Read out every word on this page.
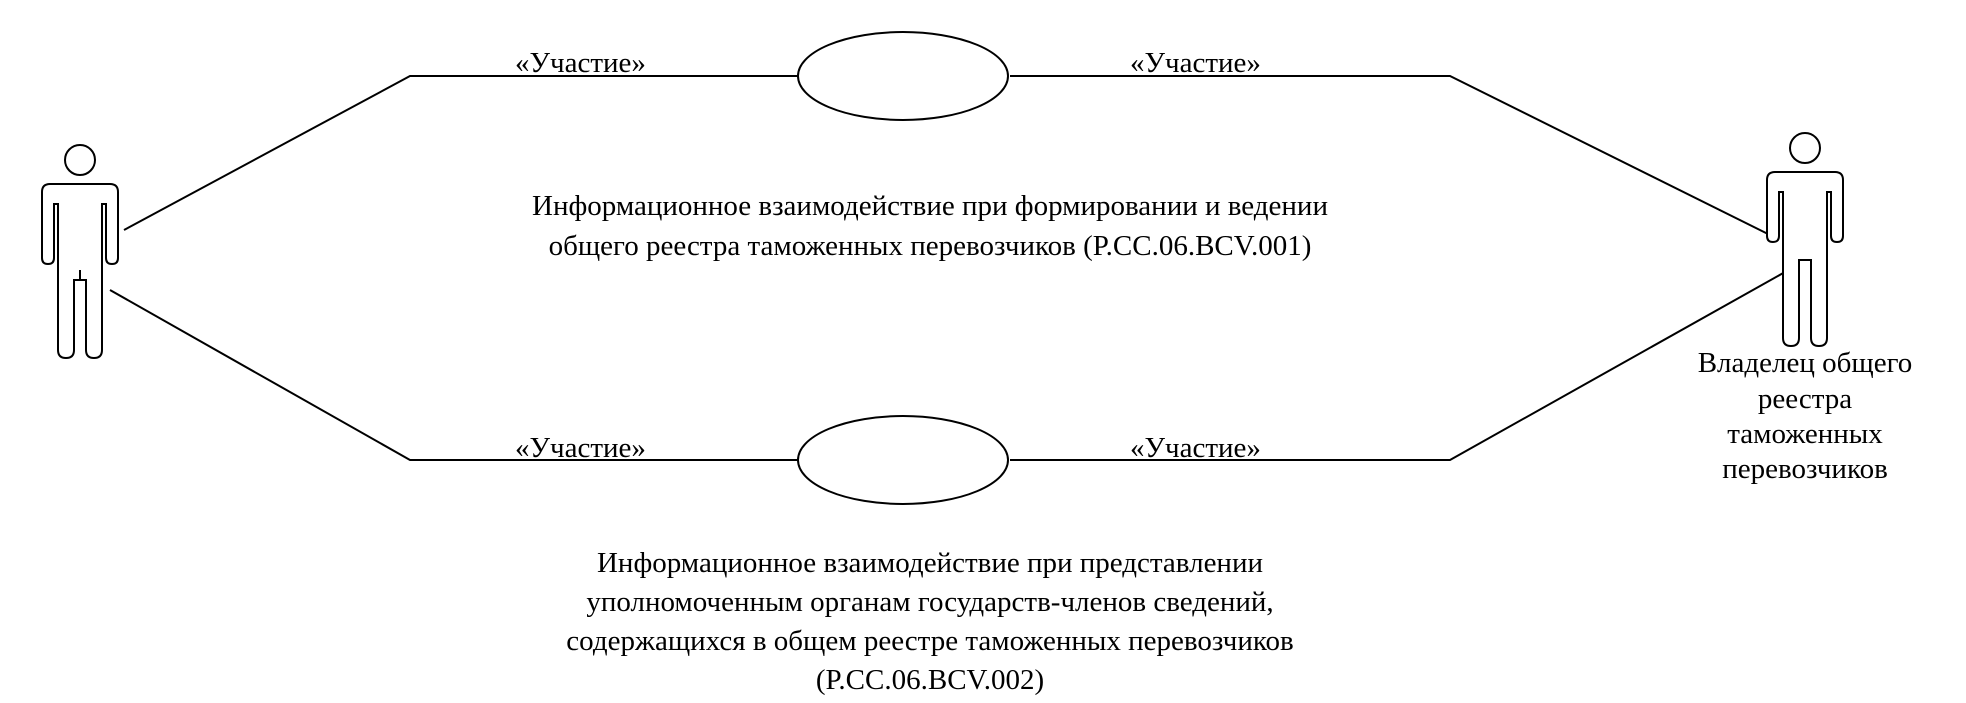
«Участие»	«Участие»
«Участие»	«Участие»
Информационное взаимодействие при формировании и ведении
общего реестра таможенных перевозчиков (P.CC.06.BCV.001)
Информационное взаимодействие при представлении
уполномоченным органам государств-членов сведений,
содержащихся в общем реестре таможенных перевозчиков
(P.CC.06.BCV.002)
Владелец общего
реестра
таможенных
перевозчиков
